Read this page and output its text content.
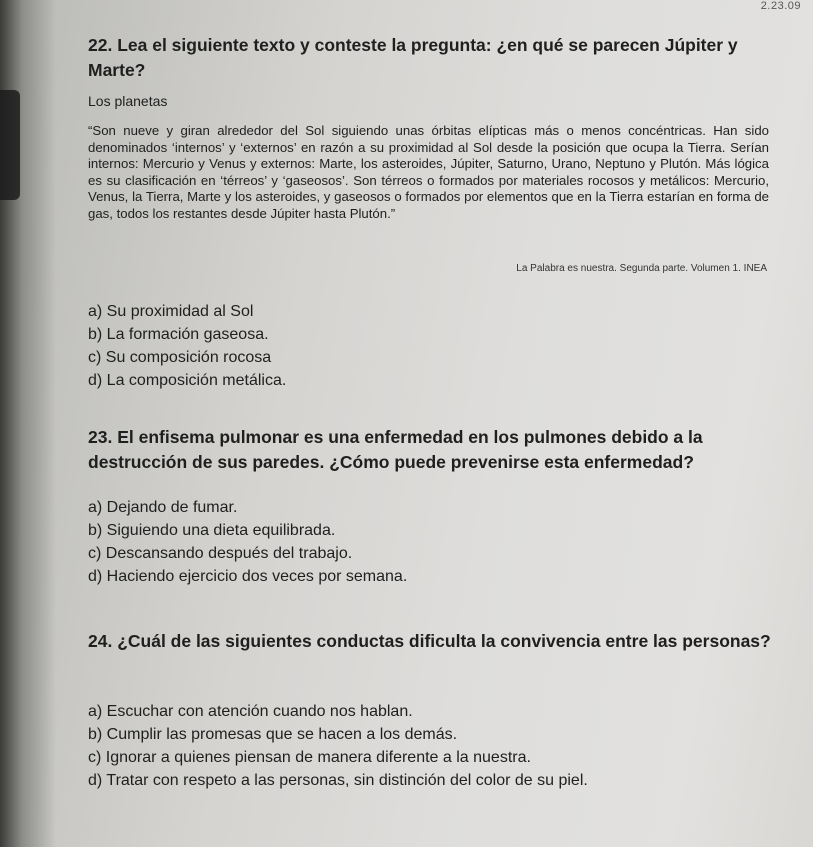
2.23.09

22. Lea el siguiente texto y conteste la pregunta: ¿en qué se parecen Júpiter y Marte?

Los planetas

“Son nueve y giran alrededor del Sol siguiendo unas órbitas elípticas más o menos concéntricas. Han sido denominados ‘internos’ y ‘externos’ en razón a su proximidad al Sol desde la posición que ocupa la Tierra. Serían internos: Mercurio y Venus y externos: Marte, los asteroides, Júpiter, Saturno, Urano, Neptuno y Plutón. Más lógica es su clasificación en ‘térreos’ y ‘gaseosos’. Son térreos o formados por materiales rocosos y metálicos: Mercurio, Venus, la Tierra, Marte y los asteroides, y gaseosos o formados por elementos que en la Tierra estarían en forma de gas, todos los restantes desde Júpiter hasta Plutón.”

La Palabra es nuestra. Segunda parte. Volumen 1. INEA
a) Su proximidad al Sol
b) La formación gaseosa.
c) Su composición rocosa
d) La composición metálica.

23. El enfisema pulmonar es una enfermedad en los pulmones debido a la destrucción de sus paredes. ¿Cómo puede prevenirse esta enfermedad?

a) Dejando de fumar.
b) Siguiendo una dieta equilibrada.
c) Descansando después del trabajo.
d) Haciendo ejercicio dos veces por semana.

24. ¿Cuál de las siguientes conductas dificulta la convivencia entre las personas?

a) Escuchar con atención cuando nos hablan.
b) Cumplir las promesas que se hacen a los demás.
c) Ignorar a quienes piensan de manera diferente a la nuestra.
d) Tratar con respeto a las personas, sin distinción del color de su piel.
